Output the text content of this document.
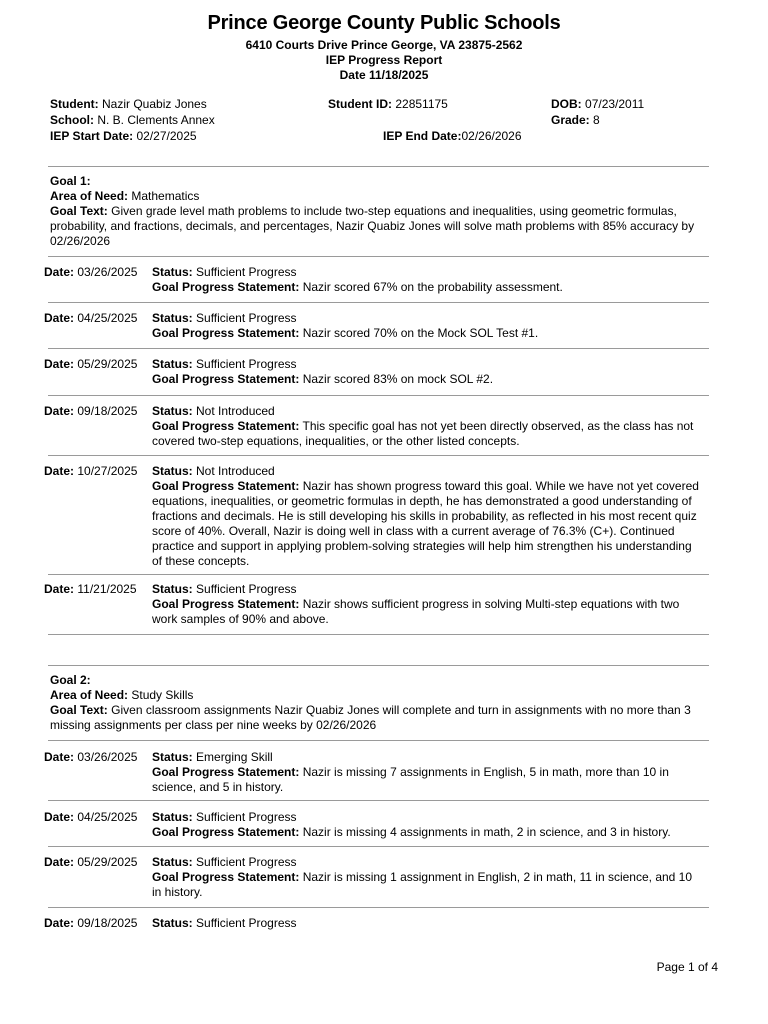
Prince George County Public Schools
6410 Courts Drive Prince George, VA 23875-2562
IEP Progress Report
Date 11/18/2025
Student: Nazir Quabiz Jones	Student ID: 22851175	DOB: 07/23/2011
School: N. B. Clements Annex	Grade: 8
IEP Start Date: 02/27/2025	IEP End Date:02/26/2026
Goal 1:
Area of Need: Mathematics
Goal Text: Given grade level math problems to include two-step equations and inequalities, using geometric formulas, probability, and fractions, decimals, and percentages, Nazir Quabiz Jones will solve math problems with 85% accuracy by 02/26/2026
Date: 03/26/2025 Status: Sufficient Progress
Goal Progress Statement: Nazir scored 67% on the probability assessment.
Date: 04/25/2025 Status: Sufficient Progress
Goal Progress Statement: Nazir scored 70% on the Mock SOL Test #1.
Date: 05/29/2025 Status: Sufficient Progress
Goal Progress Statement: Nazir scored 83% on mock SOL #2.
Date: 09/18/2025 Status: Not Introduced
Goal Progress Statement: This specific goal has not yet been directly observed, as the class has not covered two-step equations, inequalities, or the other listed concepts.
Date: 10/27/2025 Status: Not Introduced
Goal Progress Statement: Nazir has shown progress toward this goal. While we have not yet covered equations, inequalities, or geometric formulas in depth, he has demonstrated a good understanding of fractions and decimals. He is still developing his skills in probability, as reflected in his most recent quiz score of 40%. Overall, Nazir is doing well in class with a current average of 76.3% (C+). Continued practice and support in applying problem-solving strategies will help him strengthen his understanding of these concepts.
Date: 11/21/2025 Status: Sufficient Progress
Goal Progress Statement: Nazir shows sufficient progress in solving Multi-step equations with two work samples of 90% and above.
Goal 2:
Area of Need: Study Skills
Goal Text: Given classroom assignments Nazir Quabiz Jones will complete and turn in assignments with no more than 3 missing assignments per class per nine weeks by 02/26/2026
Date: 03/26/2025 Status: Emerging Skill
Goal Progress Statement: Nazir is missing 7 assignments in English, 5 in math, more than 10 in science, and 5 in history.
Date: 04/25/2025 Status: Sufficient Progress
Goal Progress Statement: Nazir is missing 4 assignments in math, 2 in science, and 3 in history.
Date: 05/29/2025 Status: Sufficient Progress
Goal Progress Statement: Nazir is missing 1 assignment in English, 2 in math, 11 in science, and 10 in history.
Date: 09/18/2025 Status: Sufficient Progress
Page 1 of 4
